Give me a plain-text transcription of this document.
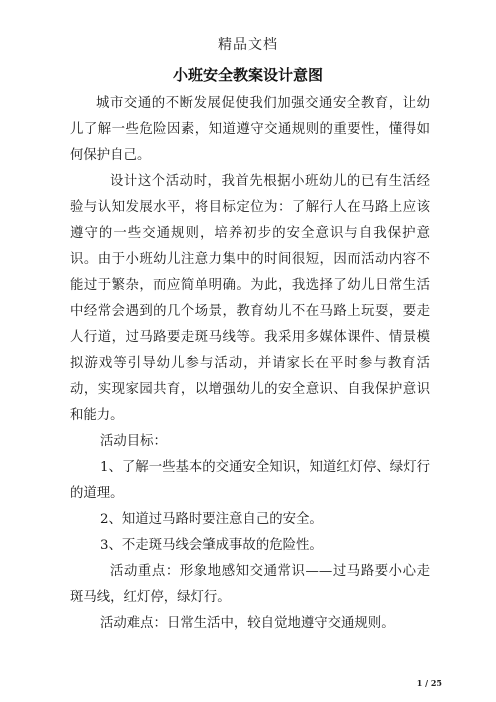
精品文档
小班安全教案设计意图

城市交通的不断发展促使我们加强交通安全教育，让幼儿了解一些危险因素，知道遵守交通规则的重要性，懂得如何保护自己。

设计这个活动时，我首先根据小班幼儿的已有生活经验与认知发展水平，将目标定位为：了解行人在马路上应该遵守的一些交通规则，培养初步的安全意识与自我保护意识。由于小班幼儿注意力集中的时间很短，因而活动内容不能过于繁杂，而应简单明确。为此，我选择了幼儿日常生活中经常会遇到的几个场景，教育幼儿不在马路上玩耍，要走人行道，过马路要走斑马线等。我采用多媒体课件、情景模拟游戏等引导幼儿参与活动，并请家长在平时参与教育活动，实现家园共育，以增强幼儿的安全意识、自我保护意识和能力。

活动目标：

1、了解一些基本的交通安全知识，知道红灯停、绿灯行的道理。

2、知道过马路时要注意自己的安全。

3、不走斑马线会肇成事故的危险性。

活动重点：形象地感知交通常识——过马路要小心走斑马线，红灯停，绿灯行。

活动难点：日常生活中，较自觉地遵守交通规则。

1 / 25
